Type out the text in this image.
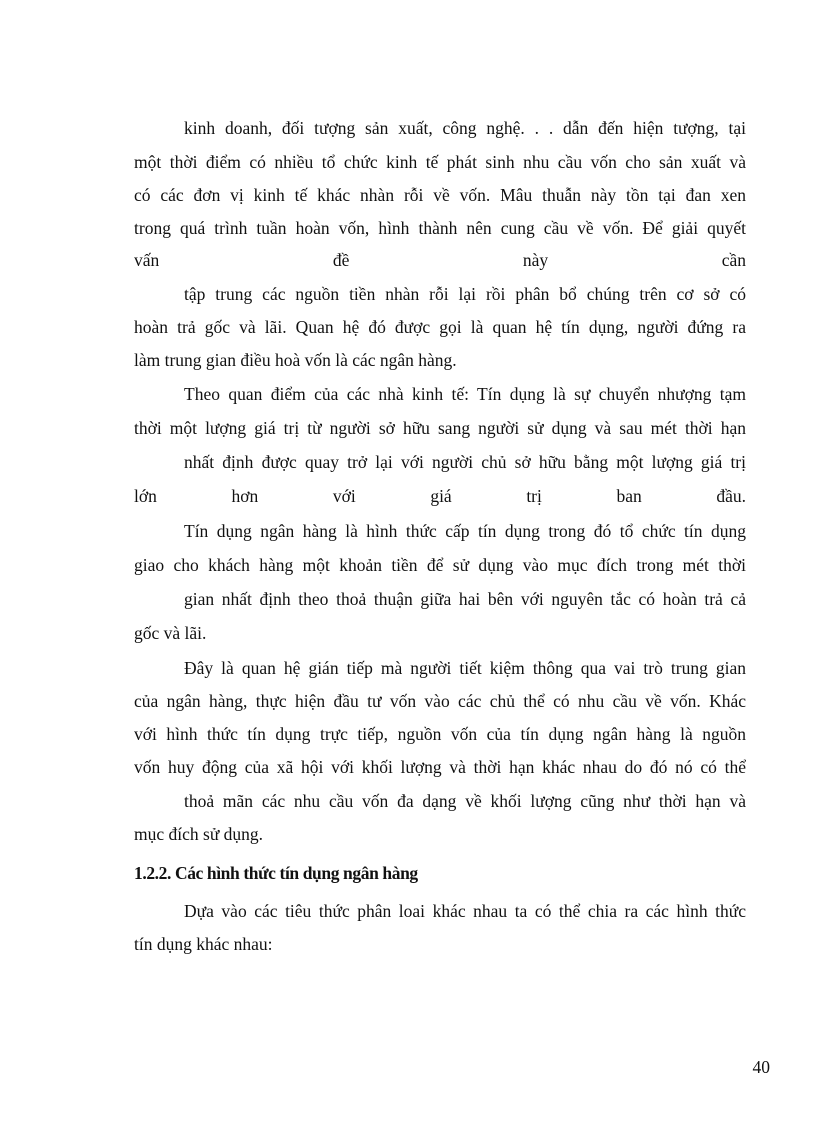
kinh doanh, đối tượng sản xuất, công nghệ. . . dẫn đến hiện tượng, tại
một thời điểm có nhiều tổ chức kinh tế phát sinh nhu cầu vốn cho sản xuất và
có các đơn vị kinh tế khác nhàn rỗi về vốn. Mâu thuẫn này tồn tại đan xen
trong quá trình tuần hoàn vốn, hình thành nên cung cầu về vốn. Để giải quyết
vấn đề này cần
tập trung các nguồn tiền nhàn rỗi lại rồi phân bổ chúng trên cơ sở có
hoàn trả gốc và lãi. Quan hệ đó được gọi là quan hệ tín dụng, người đứng ra
làm trung gian điều hoà vốn là các ngân hàng.
Theo quan điểm của các nhà kinh tế: Tín dụng là sự chuyển nhượng tạm
thời một lượng giá trị từ người sở hữu sang người sử dụng và sau mét thời hạn
nhất định được quay trở lại với người chủ sở hữu bằng một lượng giá trị
lớn hơn với giá trị ban đầu.
Tín dụng ngân hàng là hình thức cấp tín dụng trong đó tổ chức tín dụng
giao cho khách hàng một khoản tiền để sử dụng vào mục đích trong mét thời
gian nhất định theo thoả thuận giữa hai bên với nguyên tắc có hoàn trả cả
gốc và lãi.
Đây là quan hệ gián tiếp mà người tiết kiệm thông qua vai trò trung gian
của ngân hàng, thực hiện đầu tư vốn vào các chủ thể có nhu cầu về vốn. Khác
với hình thức tín dụng trực tiếp, nguồn vốn của tín dụng ngân hàng là nguồn
vốn huy động của xã hội với khối lượng và thời hạn khác nhau do đó nó có thể
thoả mãn các nhu cầu vốn đa dạng về khối lượng cũng như thời hạn và
mục đích sử dụng.
1.2.2. Các hình thức tín dụng ngân hàng
Dựa vào các tiêu thức phân loai khác nhau ta có thể chia ra các hình thức
tín dụng khác nhau:
40
